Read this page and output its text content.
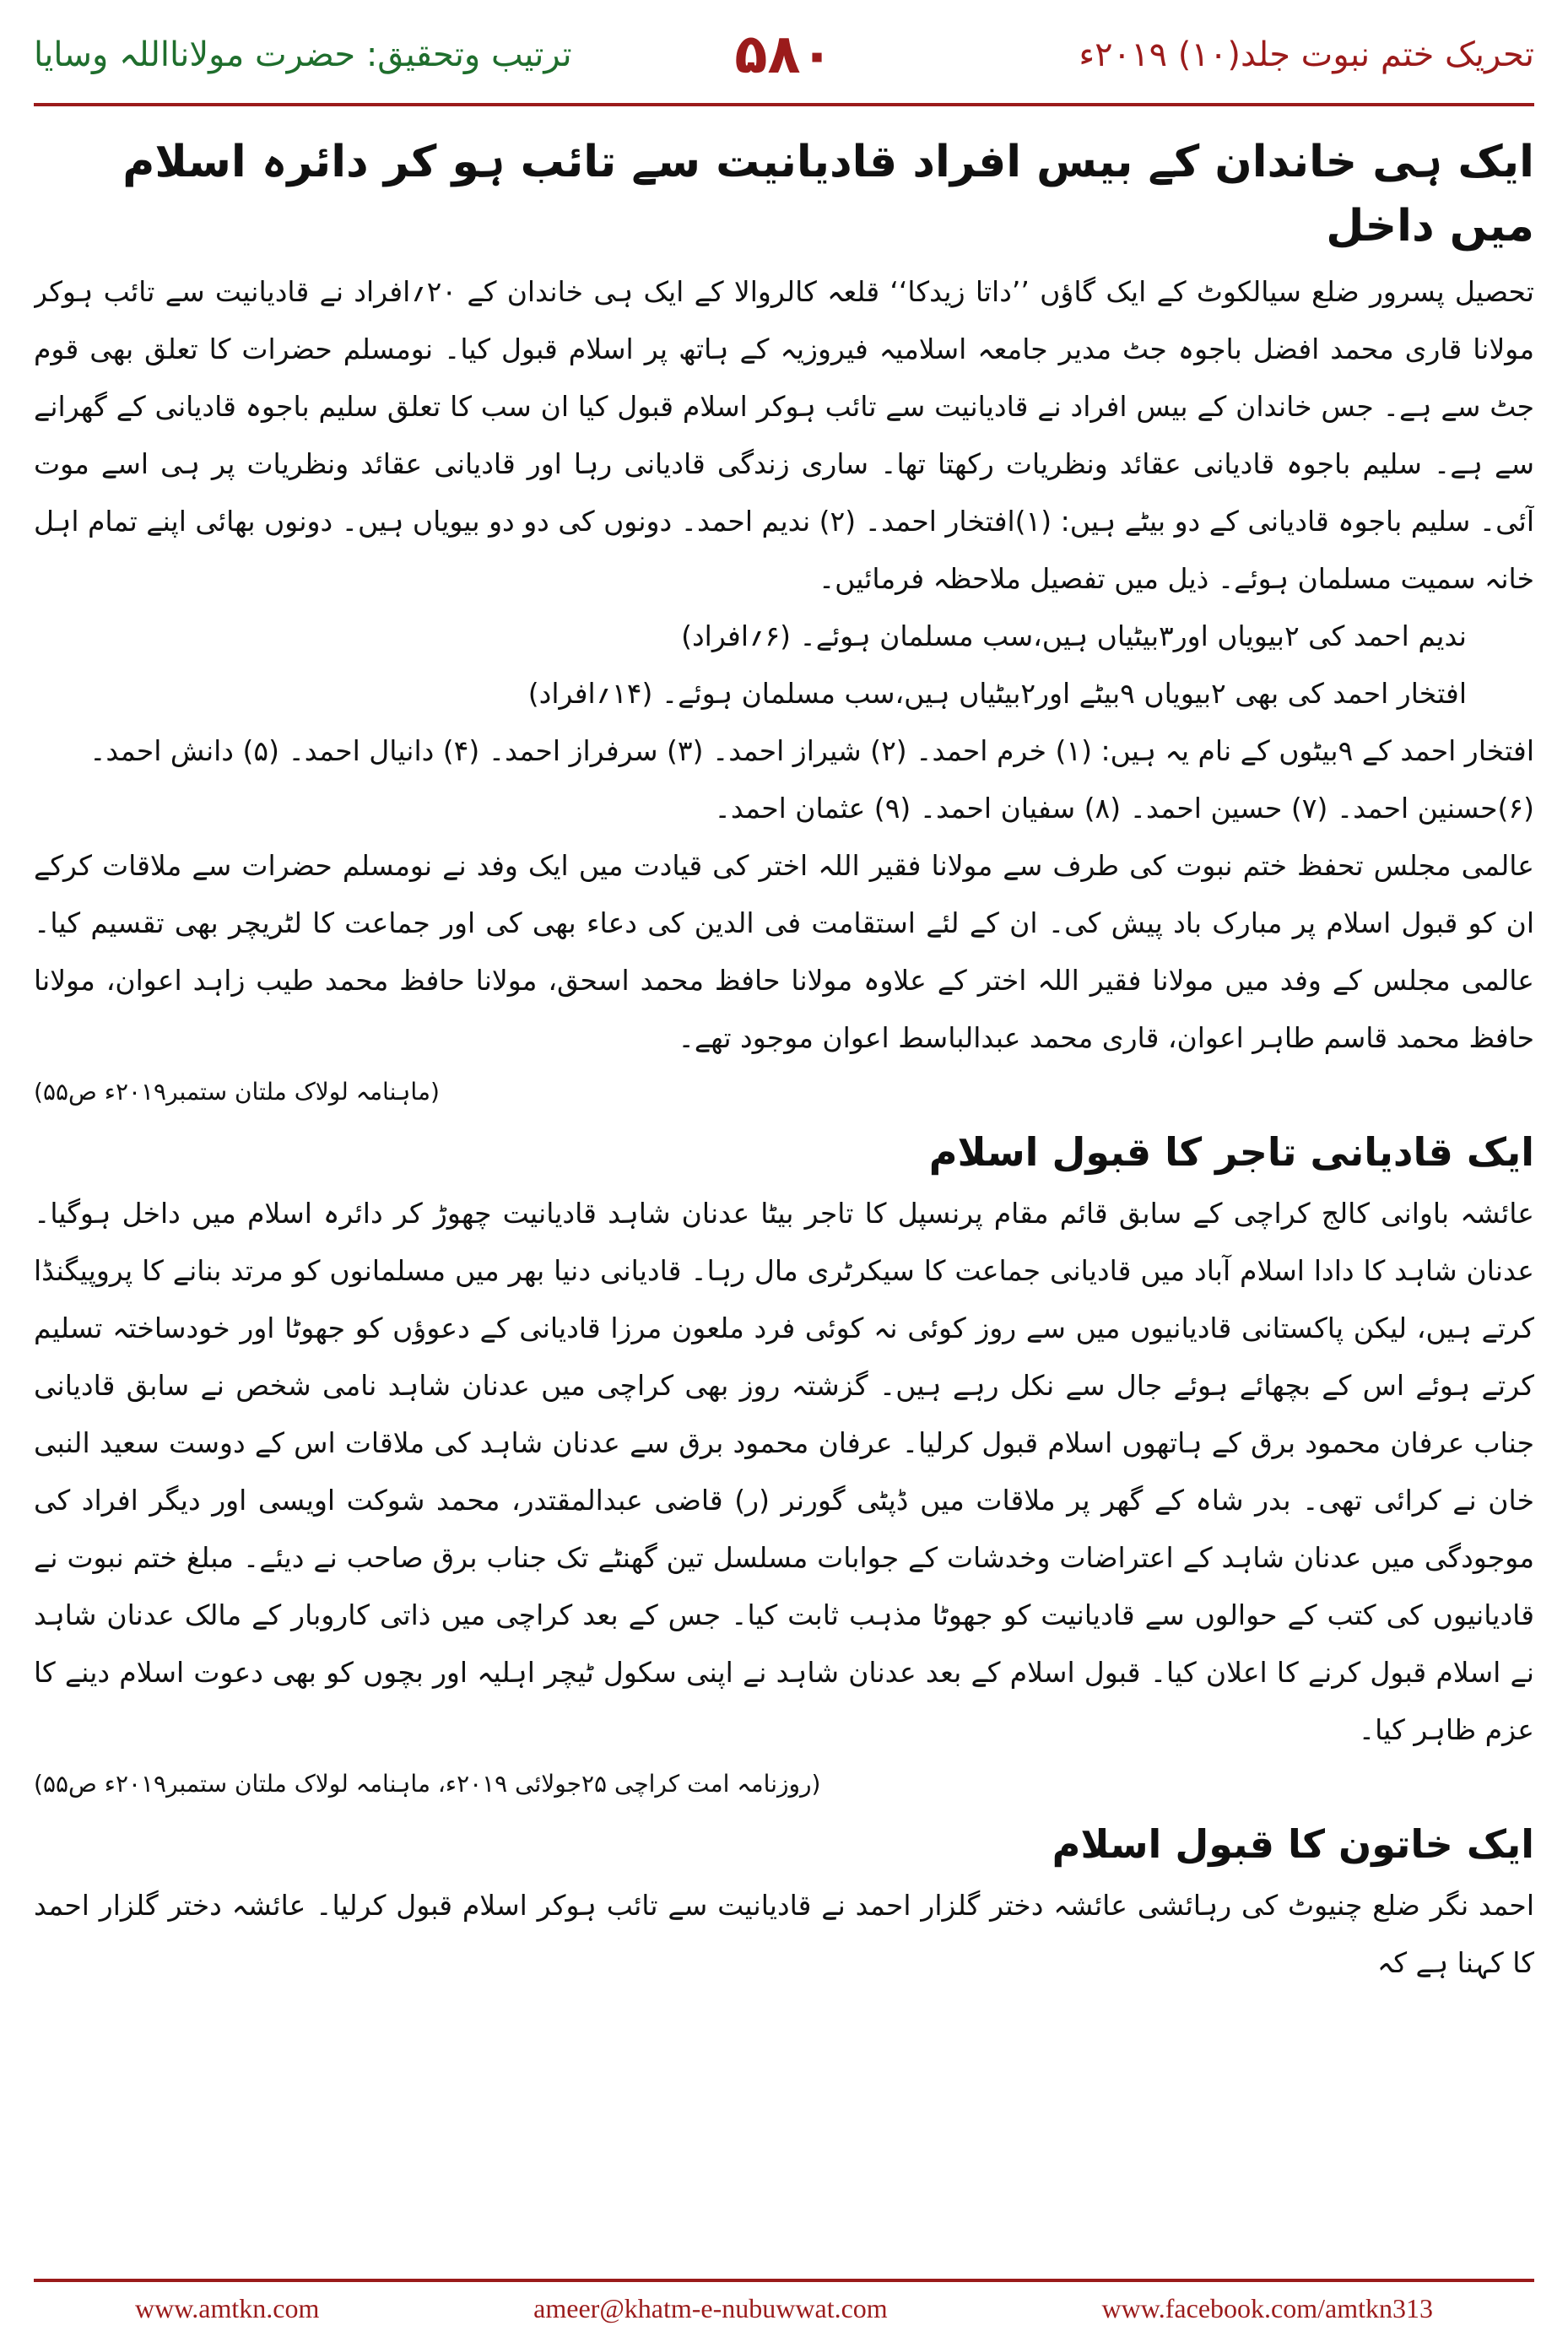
تحریک ختم نبوت جلد(۱۰) ۲۰۱۹ء
۵۸۰
ترتیب وتحقیق: حضرت مولانااللہ وسایا
ایک ہی خاندان کے بیس افراد قادیانیت سے تائب ہو کر دائرہ اسلام میں داخل

تحصیل پسرور ضلع سیالکوٹ کے ایک گاؤں ’’داتا زیدکا‘‘ قلعہ کالروالا کے ایک ہی خاندان کے ۲۰؍افراد نے قادیانیت سے تائب ہوکر مولانا قاری محمد افضل باجوہ جٹ مدیر جامعہ اسلامیہ فیروزیہ کے ہاتھ پر اسلام قبول کیا۔ نومسلم حضرات کا تعلق بھی قوم جٹ سے ہے۔ جس خاندان کے بیس افراد نے قادیانیت سے تائب ہوکر اسلام قبول کیا ان سب کا تعلق سلیم باجوہ قادیانی کے گھرانے سے ہے۔ سلیم باجوہ قادیانی عقائد ونظریات رکھتا تھا۔ ساری زندگی قادیانی رہا اور قادیانی عقائد ونظریات پر ہی اسے موت آئی۔ سلیم باجوہ قادیانی کے دو بیٹے ہیں: (۱)افتخار احمد۔ (۲) ندیم احمد۔ دونوں کی دو دو بیویاں ہیں۔ دونوں بھائی اپنے تمام اہل خانہ سمیت مسلمان ہوئے۔ ذیل میں تفصیل ملاحظہ فرمائیں۔

ندیم احمد کی ۲بیویاں اور۳بیٹیاں ہیں،سب مسلمان ہوئے۔ (۶؍افراد)

افتخار احمد کی بھی ۲بیویاں ۹بیٹے اور۲بیٹیاں ہیں،سب مسلمان ہوئے۔ (۱۴؍افراد)

افتخار احمد کے ۹بیٹوں کے نام یہ ہیں: (۱) خرم احمد۔ (۲) شیراز احمد۔ (۳) سرفراز احمد۔ (۴) دانیال احمد۔ (۵) دانش احمد۔

(۶)حسنین احمد۔ (۷) حسین احمد۔ (۸) سفیان احمد۔ (۹) عثمان احمد۔

عالمی مجلس تحفظ ختم نبوت کی طرف سے مولانا فقیر اللہ اختر کی قیادت میں ایک وفد نے نومسلم حضرات سے ملاقات کرکے ان کو قبول اسلام پر مبارک باد پیش کی۔ ان کے لئے استقامت فی الدین کی دعاء بھی کی اور جماعت کا لٹریچر بھی تقسیم کیا۔ عالمی مجلس کے وفد میں مولانا فقیر اللہ اختر کے علاوہ مولانا حافظ محمد اسحق، مولانا حافظ محمد طیب زاہد اعوان، مولانا حافظ محمد قاسم طاہر اعوان، قاری محمد عبدالباسط اعوان موجود تھے۔

(ماہنامہ لولاک ملتان ستمبر۲۰۱۹ء ص۵۵)

ایک قادیانی تاجر کا قبول اسلام

عائشہ باوانی کالج کراچی کے سابق قائم مقام پرنسپل کا تاجر بیٹا عدنان شاہد قادیانیت چھوڑ کر دائرہ اسلام میں داخل ہوگیا۔ عدنان شاہد کا دادا اسلام آباد میں قادیانی جماعت کا سیکرٹری مال رہا۔ قادیانی دنیا بھر میں مسلمانوں کو مرتد بنانے کا پروپیگنڈا کرتے ہیں، لیکن پاکستانی قادیانیوں میں سے روز کوئی نہ کوئی فرد ملعون مرزا قادیانی کے دعوؤں کو جھوٹا اور خودساختہ تسلیم کرتے ہوئے اس کے بچھائے ہوئے جال سے نکل رہے ہیں۔ گزشتہ روز بھی کراچی میں عدنان شاہد نامی شخص نے سابق قادیانی جناب عرفان محمود برق کے ہاتھوں اسلام قبول کرلیا۔ عرفان محمود برق سے عدنان شاہد کی ملاقات اس کے دوست سعید النبی خان نے کرائی تھی۔ بدر شاہ کے گھر پر ملاقات میں ڈپٹی گورنر (ر) قاضی عبدالمقتدر، محمد شوکت اویسی اور دیگر افراد کی موجودگی میں عدنان شاہد کے اعتراضات وخدشات کے جوابات مسلسل تین گھنٹے تک جناب برق صاحب نے دیئے۔ مبلغ ختم نبوت نے قادیانیوں کی کتب کے حوالوں سے قادیانیت کو جھوٹا مذہب ثابت کیا۔ جس کے بعد کراچی میں ذاتی کاروبار کے مالک عدنان شاہد نے اسلام قبول کرنے کا اعلان کیا۔ قبول اسلام کے بعد عدنان شاہد نے اپنی سکول ٹیچر اہلیہ اور بچوں کو بھی دعوت اسلام دینے کا عزم ظاہر کیا۔

(روزنامہ امت کراچی ۲۵جولائی ۲۰۱۹ء، ماہنامہ لولاک ملتان ستمبر۲۰۱۹ء ص۵۵)

ایک خاتون کا قبول اسلام

احمد نگر ضلع چنیوٹ کی رہائشی عائشہ دختر گلزار احمد نے قادیانیت سے تائب ہوکر اسلام قبول کرلیا۔ عائشہ دختر گلزار احمد کا کہنا ہے کہ

www.amtkn.com	ameer@khatm-e-nubuwwat.com	www.facebook.com/amtkn313
